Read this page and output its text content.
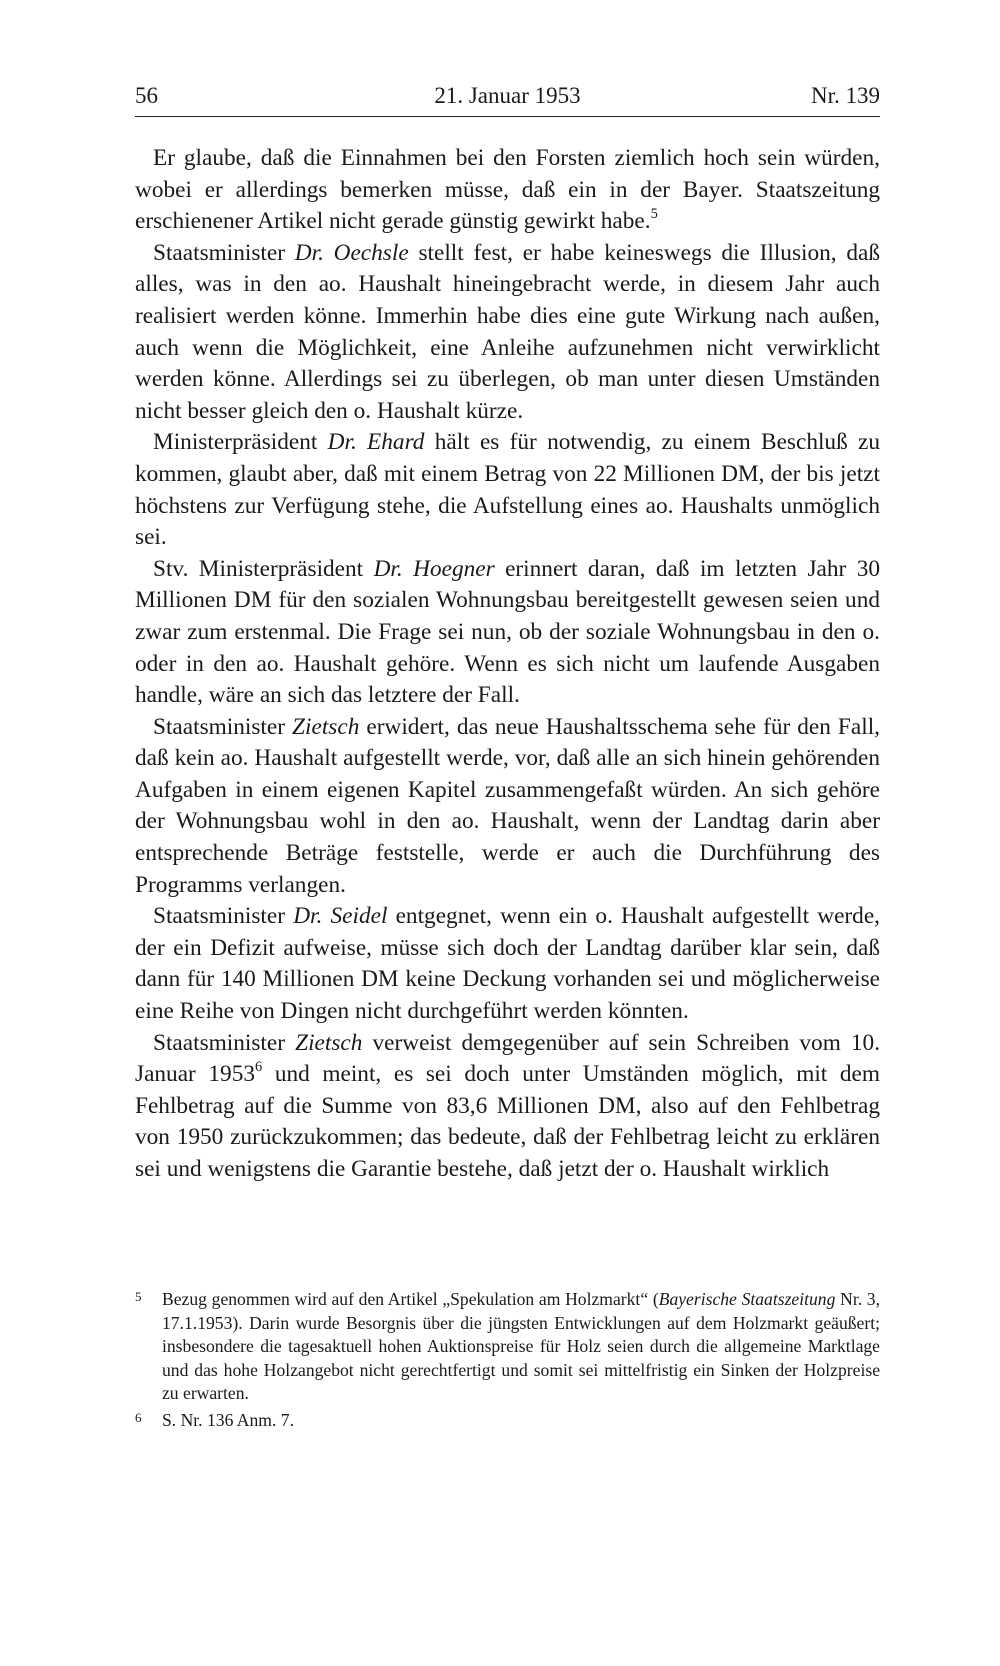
56	21. Januar 1953	Nr. 139

Er glaube, daß die Einnahmen bei den Forsten ziemlich hoch sein würden, wobei er allerdings bemerken müsse, daß ein in der Bayer. Staatszeitung erschienener Artikel nicht gerade günstig gewirkt habe.$^5$

Staatsminister Dr. Oechsle stellt fest, er habe keineswegs die Illusion, daß alles, was in den ao. Haushalt hineingebracht werde, in diesem Jahr auch realisiert werden könne. Immerhin habe dies eine gute Wirkung nach außen, auch wenn die Möglichkeit, eine Anleihe aufzunehmen nicht verwirklicht werden könne. Allerdings sei zu überlegen, ob man unter diesen Umständen nicht besser gleich den o. Haushalt kürze.

Ministerpräsident Dr. Ehard hält es für notwendig, zu einem Beschluß zu kommen, glaubt aber, daß mit einem Betrag von 22 Millionen DM, der bis jetzt höchstens zur Verfügung stehe, die Aufstellung eines ao. Haushalts unmöglich sei.

Stv. Ministerpräsident Dr. Hoegner erinnert daran, daß im letzten Jahr 30 Millionen DM für den sozialen Wohnungsbau bereitgestellt gewesen seien und zwar zum erstenmal. Die Frage sei nun, ob der soziale Wohnungsbau in den o. oder in den ao. Haushalt gehöre. Wenn es sich nicht um laufende Ausgaben handle, wäre an sich das letztere der Fall.

Staatsminister Zietsch erwidert, das neue Haushaltsschema sehe für den Fall, daß kein ao. Haushalt aufgestellt werde, vor, daß alle an sich hinein gehörenden Aufgaben in einem eigenen Kapitel zusammengefaßt würden. An sich gehöre der Wohnungsbau wohl in den ao. Haushalt, wenn der Landtag darin aber entsprechende Beträge feststelle, werde er auch die Durchführung des Programms verlangen.

Staatsminister Dr. Seidel entgegnet, wenn ein o. Haushalt aufgestellt werde, der ein Defizit aufweise, müsse sich doch der Landtag darüber klar sein, daß dann für 140 Millionen DM keine Deckung vorhanden sei und möglicherweise eine Reihe von Dingen nicht durchgeführt werden könnten.

Staatsminister Zietsch verweist demgegenüber auf sein Schreiben vom 10. Januar 1953$^6$ und meint, es sei doch unter Umständen möglich, mit dem Fehlbetrag auf die Summe von 83,6 Millionen DM, also auf den Fehlbetrag von 1950 zurückzukommen; das bedeute, daß der Fehlbetrag leicht zu erklären sei und wenigstens die Garantie bestehe, daß jetzt der o. Haushalt wirklich

5 Bezug genommen wird auf den Artikel „Spekulation am Holzmarkt“ (Bayerische Staatszeitung Nr. 3, 17.1.1953). Darin wurde Besorgnis über die jüngsten Entwicklungen auf dem Holzmarkt geäußert; insbesondere die tagesaktuell hohen Auktionspreise für Holz seien durch die allgemeine Marktlage und das hohe Holzangebot nicht gerechtfertigt und somit sei mittelfristig ein Sinken der Holzpreise zu erwarten.
6 S. Nr. 136 Anm. 7.
